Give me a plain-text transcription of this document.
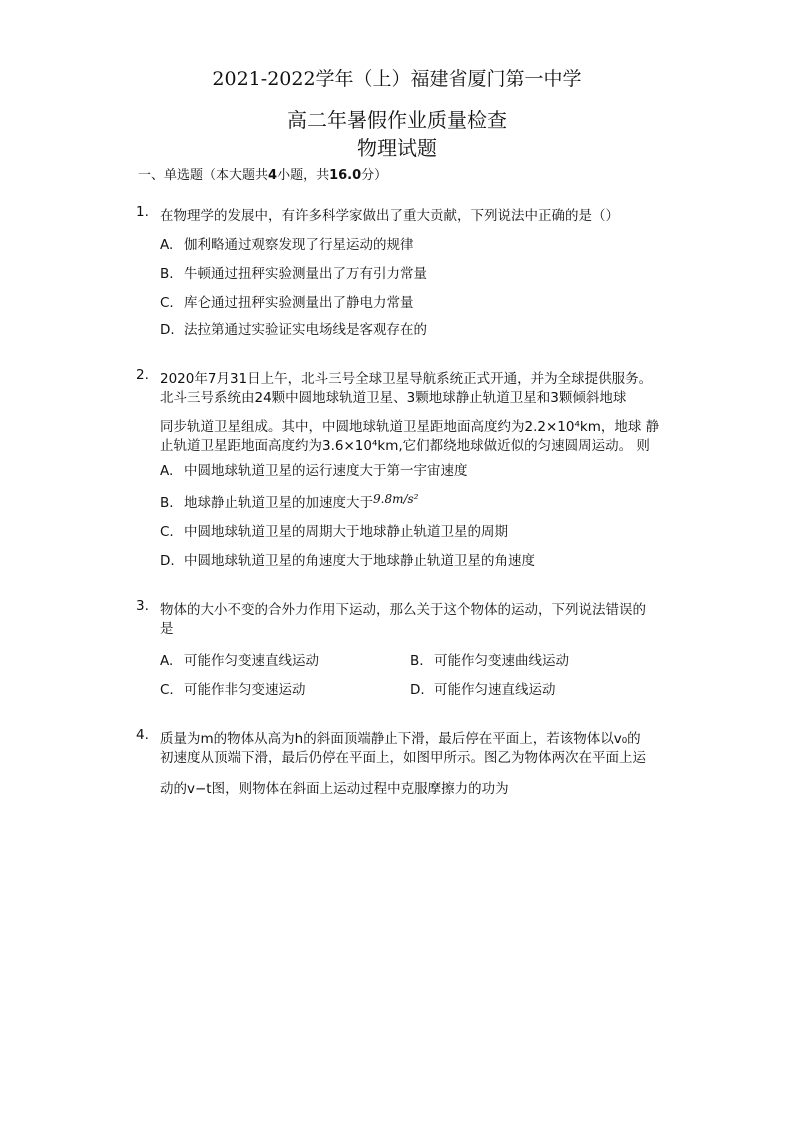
2021-2022学年（上）福建省厦门第一中学
高二年暑假作业质量检查
物理试题
一、单选题（本大题共4小题，共16.0分）
1. 在物理学的发展中，有许多科学家做出了重大贡献，下列说法中正确的是（）
A. 伽利略通过观察发现了行星运动的规律
B. 牛顿通过扭秤实验测量出了万有引力常量
C. 库仑通过扭秤实验测量出了静电力常量
D. 法拉第通过实验证实电场线是客观存在的
2. 2020年7月31日上午，北斗三号全球卫星导航系统正式开通，并为全球提供服务。
北斗三号系统由24颗中圆地球轨道卫星、3颗地球静止轨道卫星和3颗倾斜地球
同步轨道卫星组成。其中，中圆地球轨道卫星距地面高度约为2.2×10⁴km，地球 静
止轨道卫星距地面高度约为3.6×10⁴km,它们都绕地球做近似的匀速圆周运动。 则
A. 中圆地球轨道卫星的运行速度大于第一宇宙速度
B. 地球静止轨道卫星的加速度大于9.8m/s²
C. 中圆地球轨道卫星的周期大于地球静止轨道卫星的周期
D. 中圆地球轨道卫星的角速度大于地球静止轨道卫星的角速度
3. 物体的大小不变的合外力作用下运动，那么关于这个物体的运动，下列说法错误的
是
A. 可能作匀变速直线运动	B. 可能作匀变速曲线运动
C. 可能作非匀变速运动	D. 可能作匀速直线运动
4. 质量为m的物体从高为h的斜面顶端静止下滑，最后停在平面上，若该物体以v₀的
初速度从顶端下滑，最后仍停在平面上，如图甲所示。图乙为物体两次在平面上运
动的v−t图，则物体在斜面上运动过程中克服摩擦力的功为
